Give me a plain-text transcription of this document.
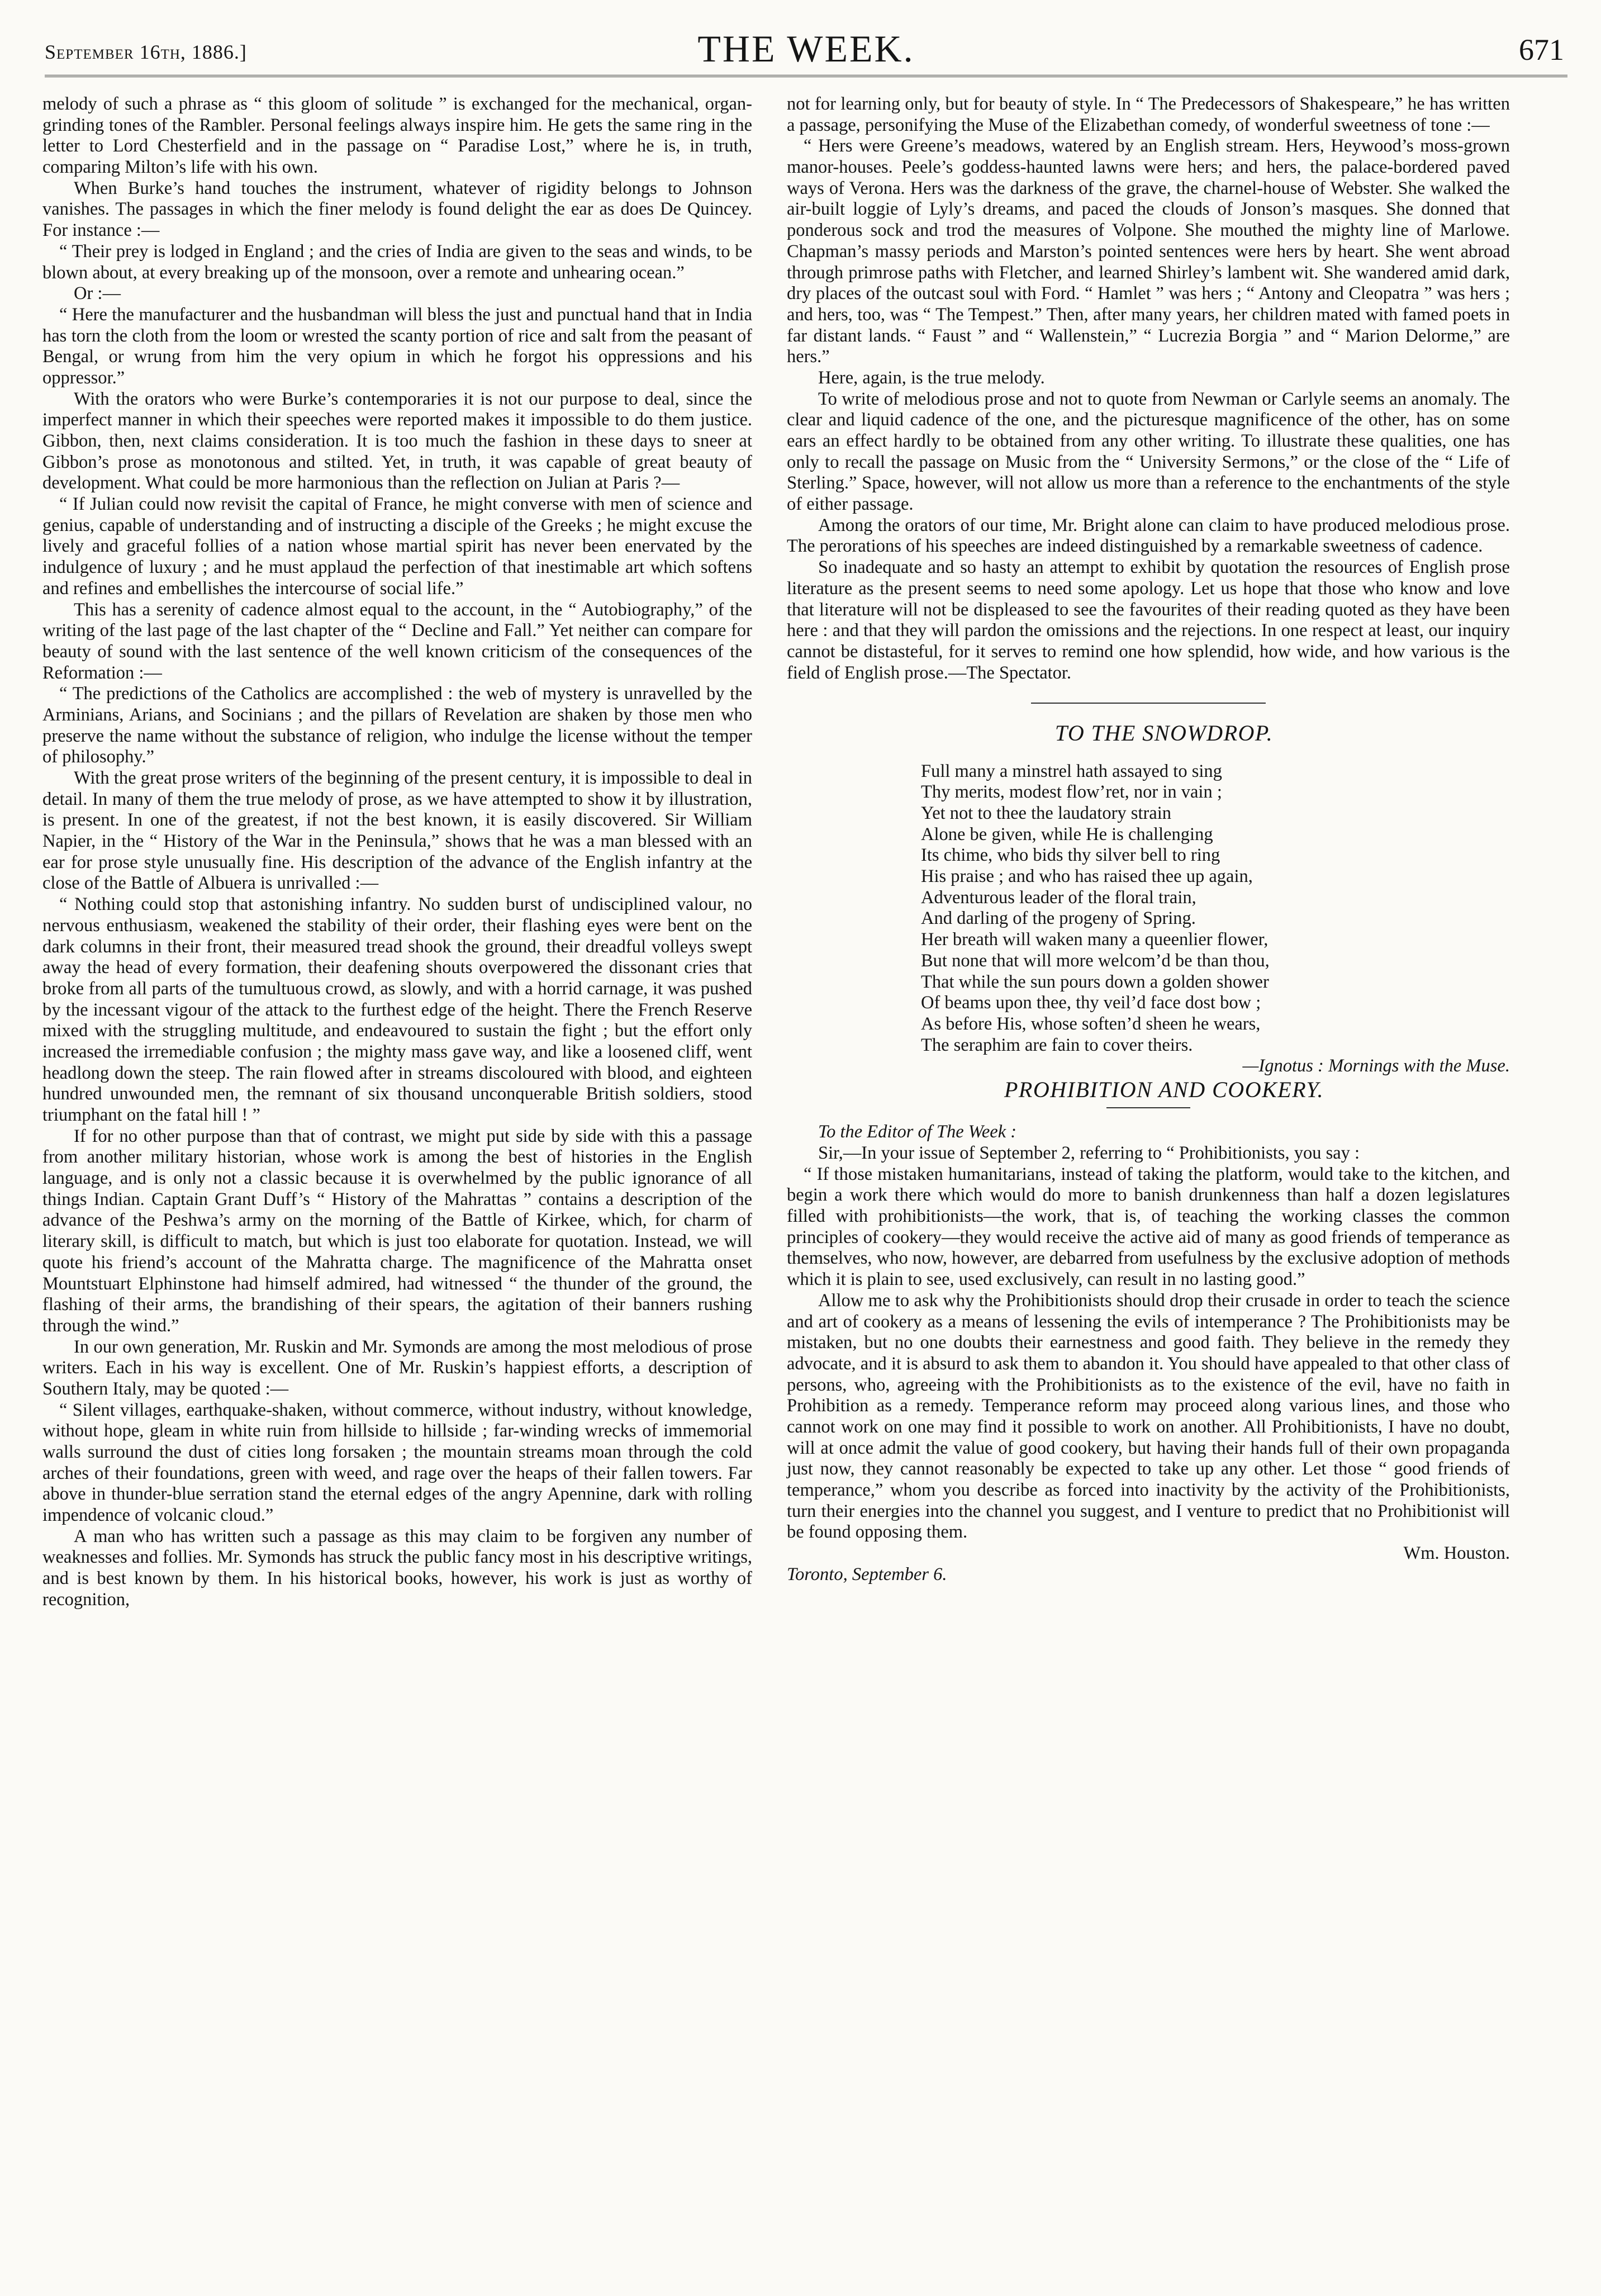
September 16th, 1886.]	THE WEEK.	671

melody of such a phrase as “ this gloom of solitude ” is exchanged for the mechanical, organ-grinding tones of the Rambler. Personal feelings always inspire him. He gets the same ring in the letter to Lord Chesterfield and in the passage on “ Paradise Lost,” where he is, in truth, comparing Milton’s life with his own.

When Burke’s hand touches the instrument, whatever of rigidity belongs to Johnson vanishes. The passages in which the finer melody is found delight the ear as does De Quincey. For instance :—

“ Their prey is lodged in England ; and the cries of India are given to the seas and winds, to be blown about, at every breaking up of the monsoon, over a remote and unhearing ocean.”

Or :—

“ Here the manufacturer and the husbandman will bless the just and punctual hand that in India has torn the cloth from the loom or wrested the scanty portion of rice and salt from the peasant of Bengal, or wrung from him the very opium in which he forgot his oppressions and his oppressor.”

With the orators who were Burke’s contemporaries it is not our purpose to deal, since the imperfect manner in which their speeches were reported makes it impossible to do them justice. Gibbon, then, next claims consideration. It is too much the fashion in these days to sneer at Gibbon’s prose as monotonous and stilted. Yet, in truth, it was capable of great beauty of development. What could be more harmonious than the reflection on Julian at Paris ?—

“ If Julian could now revisit the capital of France, he might converse with men of science and genius, capable of understanding and of instructing a disciple of the Greeks ; he might excuse the lively and graceful follies of a nation whose martial spirit has never been enervated by the indulgence of luxury ; and he must applaud the perfection of that inestimable art which softens and refines and embellishes the intercourse of social life.”

This has a serenity of cadence almost equal to the account, in the “ Autobiography,” of the writing of the last page of the last chapter of the “ Decline and Fall.” Yet neither can compare for beauty of sound with the last sentence of the well known criticism of the consequences of the Reformation :—

“ The predictions of the Catholics are accomplished : the web of mystery is unravelled by the Arminians, Arians, and Socinians ; and the pillars of Revelation are shaken by those men who preserve the name without the substance of religion, who indulge the license without the temper of philosophy.”

With the great prose writers of the beginning of the present century, it is impossible to deal in detail. In many of them the true melody of prose, as we have attempted to show it by illustration, is present. In one of the greatest, if not the best known, it is easily discovered. Sir William Napier, in the “ History of the War in the Peninsula,” shows that he was a man blessed with an ear for prose style unusually fine. His description of the advance of the English infantry at the close of the Battle of Albuera is unrivalled :—

“ Nothing could stop that astonishing infantry. No sudden burst of undisciplined valour, no nervous enthusiasm, weakened the stability of their order, their flashing eyes were bent on the dark columns in their front, their measured tread shook the ground, their dreadful volleys swept away the head of every formation, their deafening shouts overpowered the dissonant cries that broke from all parts of the tumultuous crowd, as slowly, and with a horrid carnage, it was pushed by the incessant vigour of the attack to the furthest edge of the height. There the French Reserve mixed with the struggling multitude, and endeavoured to sustain the fight ; but the effort only increased the irremediable confusion ; the mighty mass gave way, and like a loosened cliff, went headlong down the steep. The rain flowed after in streams discoloured with blood, and eighteen hundred unwounded men, the remnant of six thousand unconquerable British soldiers, stood triumphant on the fatal hill ! ”

If for no other purpose than that of contrast, we might put side by side with this a passage from another military historian, whose work is among the best of histories in the English language, and is only not a classic because it is overwhelmed by the public ignorance of all things Indian. Captain Grant Duff’s “ History of the Mahrattas ” contains a description of the advance of the Peshwa’s army on the morning of the Battle of Kirkee, which, for charm of literary skill, is difficult to match, but which is just too elaborate for quotation. Instead, we will quote his friend’s account of the Mahratta charge. The magnificence of the Mahratta onset Mountstuart Elphinstone had himself admired, had witnessed “ the thunder of the ground, the flashing of their arms, the brandishing of their spears, the agitation of their banners rushing through the wind.”

In our own generation, Mr. Ruskin and Mr. Symonds are among the most melodious of prose writers. Each in his way is excellent. One of Mr. Ruskin’s happiest efforts, a description of Southern Italy, may be quoted :—

“ Silent villages, earthquake-shaken, without commerce, without industry, without knowledge, without hope, gleam in white ruin from hillside to hillside ; far-winding wrecks of immemorial walls surround the dust of cities long forsaken ; the mountain streams moan through the cold arches of their foundations, green with weed, and rage over the heaps of their fallen towers. Far above in thunder-blue serration stand the eternal edges of the angry Apennine, dark with rolling impendence of volcanic cloud.”

A man who has written such a passage as this may claim to be forgiven any number of weaknesses and follies. Mr. Symonds has struck the public fancy most in his descriptive writings, and is best known by them. In his historical books, however, his work is just as worthy of recognition,

not for learning only, but for beauty of style. In “ The Predecessors of Shakespeare,” he has written a passage, personifying the Muse of the Elizabethan comedy, of wonderful sweetness of tone :—

“ Hers were Greene’s meadows, watered by an English stream. Hers, Heywood’s moss-grown manor-houses. Peele’s goddess-haunted lawns were hers; and hers, the palace-bordered paved ways of Verona. Hers was the darkness of the grave, the charnel-house of Webster. She walked the air-built loggie of Lyly’s dreams, and paced the clouds of Jonson’s masques. She donned that ponderous sock and trod the measures of Volpone. She mouthed the mighty line of Marlowe. Chapman’s massy periods and Marston’s pointed sentences were hers by heart. She went abroad through primrose paths with Fletcher, and learned Shirley’s lambent wit. She wandered amid dark, dry places of the outcast soul with Ford. “ Hamlet ” was hers ; “ Antony and Cleopatra ” was hers ; and hers, too, was “ The Tempest.” Then, after many years, her children mated with famed poets in far distant lands. “ Faust ” and “ Wallenstein,” “ Lucrezia Borgia ” and “ Marion Delorme,” are hers.”

Here, again, is the true melody.

To write of melodious prose and not to quote from Newman or Carlyle seems an anomaly. The clear and liquid cadence of the one, and the picturesque magnificence of the other, has on some ears an effect hardly to be obtained from any other writing. To illustrate these qualities, one has only to recall the passage on Music from the “ University Sermons,” or the close of the “ Life of Sterling.” Space, however, will not allow us more than a reference to the enchantments of the style of either passage.

Among the orators of our time, Mr. Bright alone can claim to have produced melodious prose. The perorations of his speeches are indeed distinguished by a remarkable sweetness of cadence.

So inadequate and so hasty an attempt to exhibit by quotation the resources of English prose literature as the present seems to need some apology. Let us hope that those who know and love that literature will not be displeased to see the favourites of their reading quoted as they have been here : and that they will pardon the omissions and the rejections. In one respect at least, our inquiry cannot be distasteful, for it serves to remind one how splendid, how wide, and how various is the field of English prose.—The Spectator.

TO THE SNOWDROP.

Full many a minstrel hath assayed to sing
Thy merits, modest flow’ret, nor in vain ;
Yet not to thee the laudatory strain
Alone be given, while He is challenging
Its chime, who bids thy silver bell to ring
His praise ; and who has raised thee up again,
Adventurous leader of the floral train,
And darling of the progeny of Spring.
Her breath will waken many a queenlier flower,
But none that will more welcom’d be than thou,
That while the sun pours down a golden shower
Of beams upon thee, thy veil’d face dost bow ;
As before His, whose soften’d sheen he wears,
The seraphim are fain to cover theirs.

—Ignotus : Mornings with the Muse.

PROHIBITION AND COOKERY.

To the Editor of The Week :

Sir,—In your issue of September 2, referring to “ Prohibitionists, you say :

“ If those mistaken humanitarians, instead of taking the platform, would take to the kitchen, and begin a work there which would do more to banish drunkenness than half a dozen legislatures filled with prohibitionists—the work, that is, of teaching the working classes the common principles of cookery—they would receive the active aid of many as good friends of temperance as themselves, who now, however, are debarred from usefulness by the exclusive adoption of methods which it is plain to see, used exclusively, can result in no lasting good.”

Allow me to ask why the Prohibitionists should drop their crusade in order to teach the science and art of cookery as a means of lessening the evils of intemperance ? The Prohibitionists may be mistaken, but no one doubts their earnestness and good faith. They believe in the remedy they advocate, and it is absurd to ask them to abandon it. You should have appealed to that other class of persons, who, agreeing with the Prohibitionists as to the existence of the evil, have no faith in Prohibition as a remedy. Temperance reform may proceed along various lines, and those who cannot work on one may find it possible to work on another. All Prohibitionists, I have no doubt, will at once admit the value of good cookery, but having their hands full of their own propaganda just now, they cannot reasonably be expected to take up any other. Let those “ good friends of temperance,” whom you describe as forced into inactivity by the activity of the Prohibitionists, turn their energies into the channel you suggest, and I venture to predict that no Prohibitionist will be found opposing them.

Wm. Houston.

Toronto, September 6.
